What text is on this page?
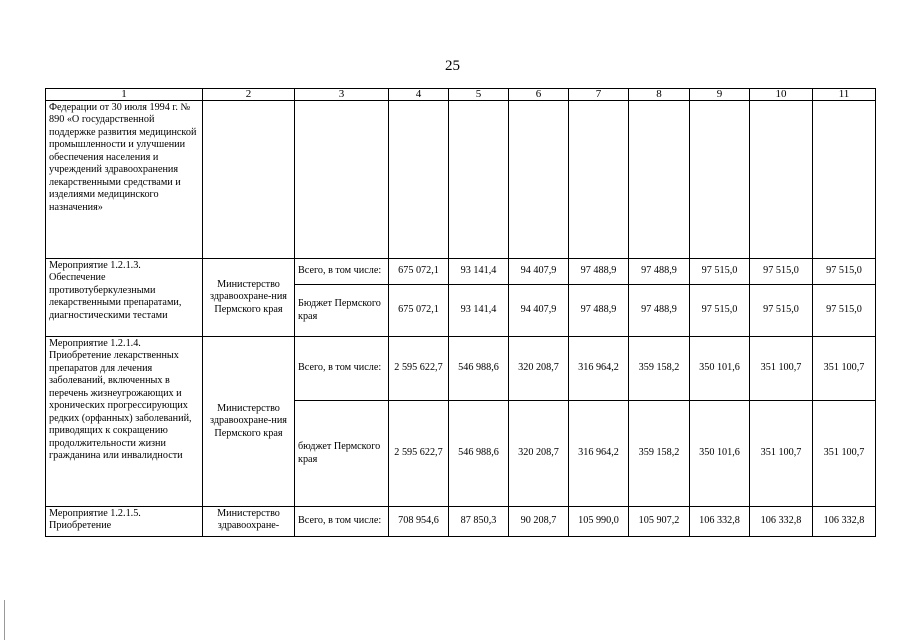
25
1	2	3	4	5	6	7	8	9	10	11
Федерации от 30 июля 1994 г. № 890 «О государственной поддержке развития медицинской промышленности и улучшении обеспечения населения и учреждений здравоохранения лекарственными средствами и изделиями медицинского назначения»										
Мероприятие 1.2.1.3. Обеспечение противотуберкулезными лекарственными препаратами, диагностическими тестами	Министерство здравоохране-ния Пермского края	Всего, в том числе:	675 072,1	93 141,4	94 407,9	97 488,9	97 488,9	97 515,0	97 515,0	97 515,0
		Бюджет Пермского края	675 072,1	93 141,4	94 407,9	97 488,9	97 488,9	97 515,0	97 515,0	97 515,0
Мероприятие 1.2.1.4. Приобретение лекарственных препаратов для лечения заболеваний, включенных в перечень жизнеугрожающих и хронических прогрессирующих редких (орфанных) заболеваний, приводящих к сокращению продолжительности жизни гражданина или инвалидности	Министерство здравоохране-ния Пермского края	Всего, в том числе:	2 595 622,7	546 988,6	320 208,7	316 964,2	359 158,2	350 101,6	351 100,7	351 100,7
		бюджет Пермского края	2 595 622,7	546 988,6	320 208,7	316 964,2	359 158,2	350 101,6	351 100,7	351 100,7
Мероприятие 1.2.1.5. Приобретение	Министерство здравоохране-	Всего, в том числе:	708 954,6	87 850,3	90 208,7	105 990,0	105 907,2	106 332,8	106 332,8	106 332,8
